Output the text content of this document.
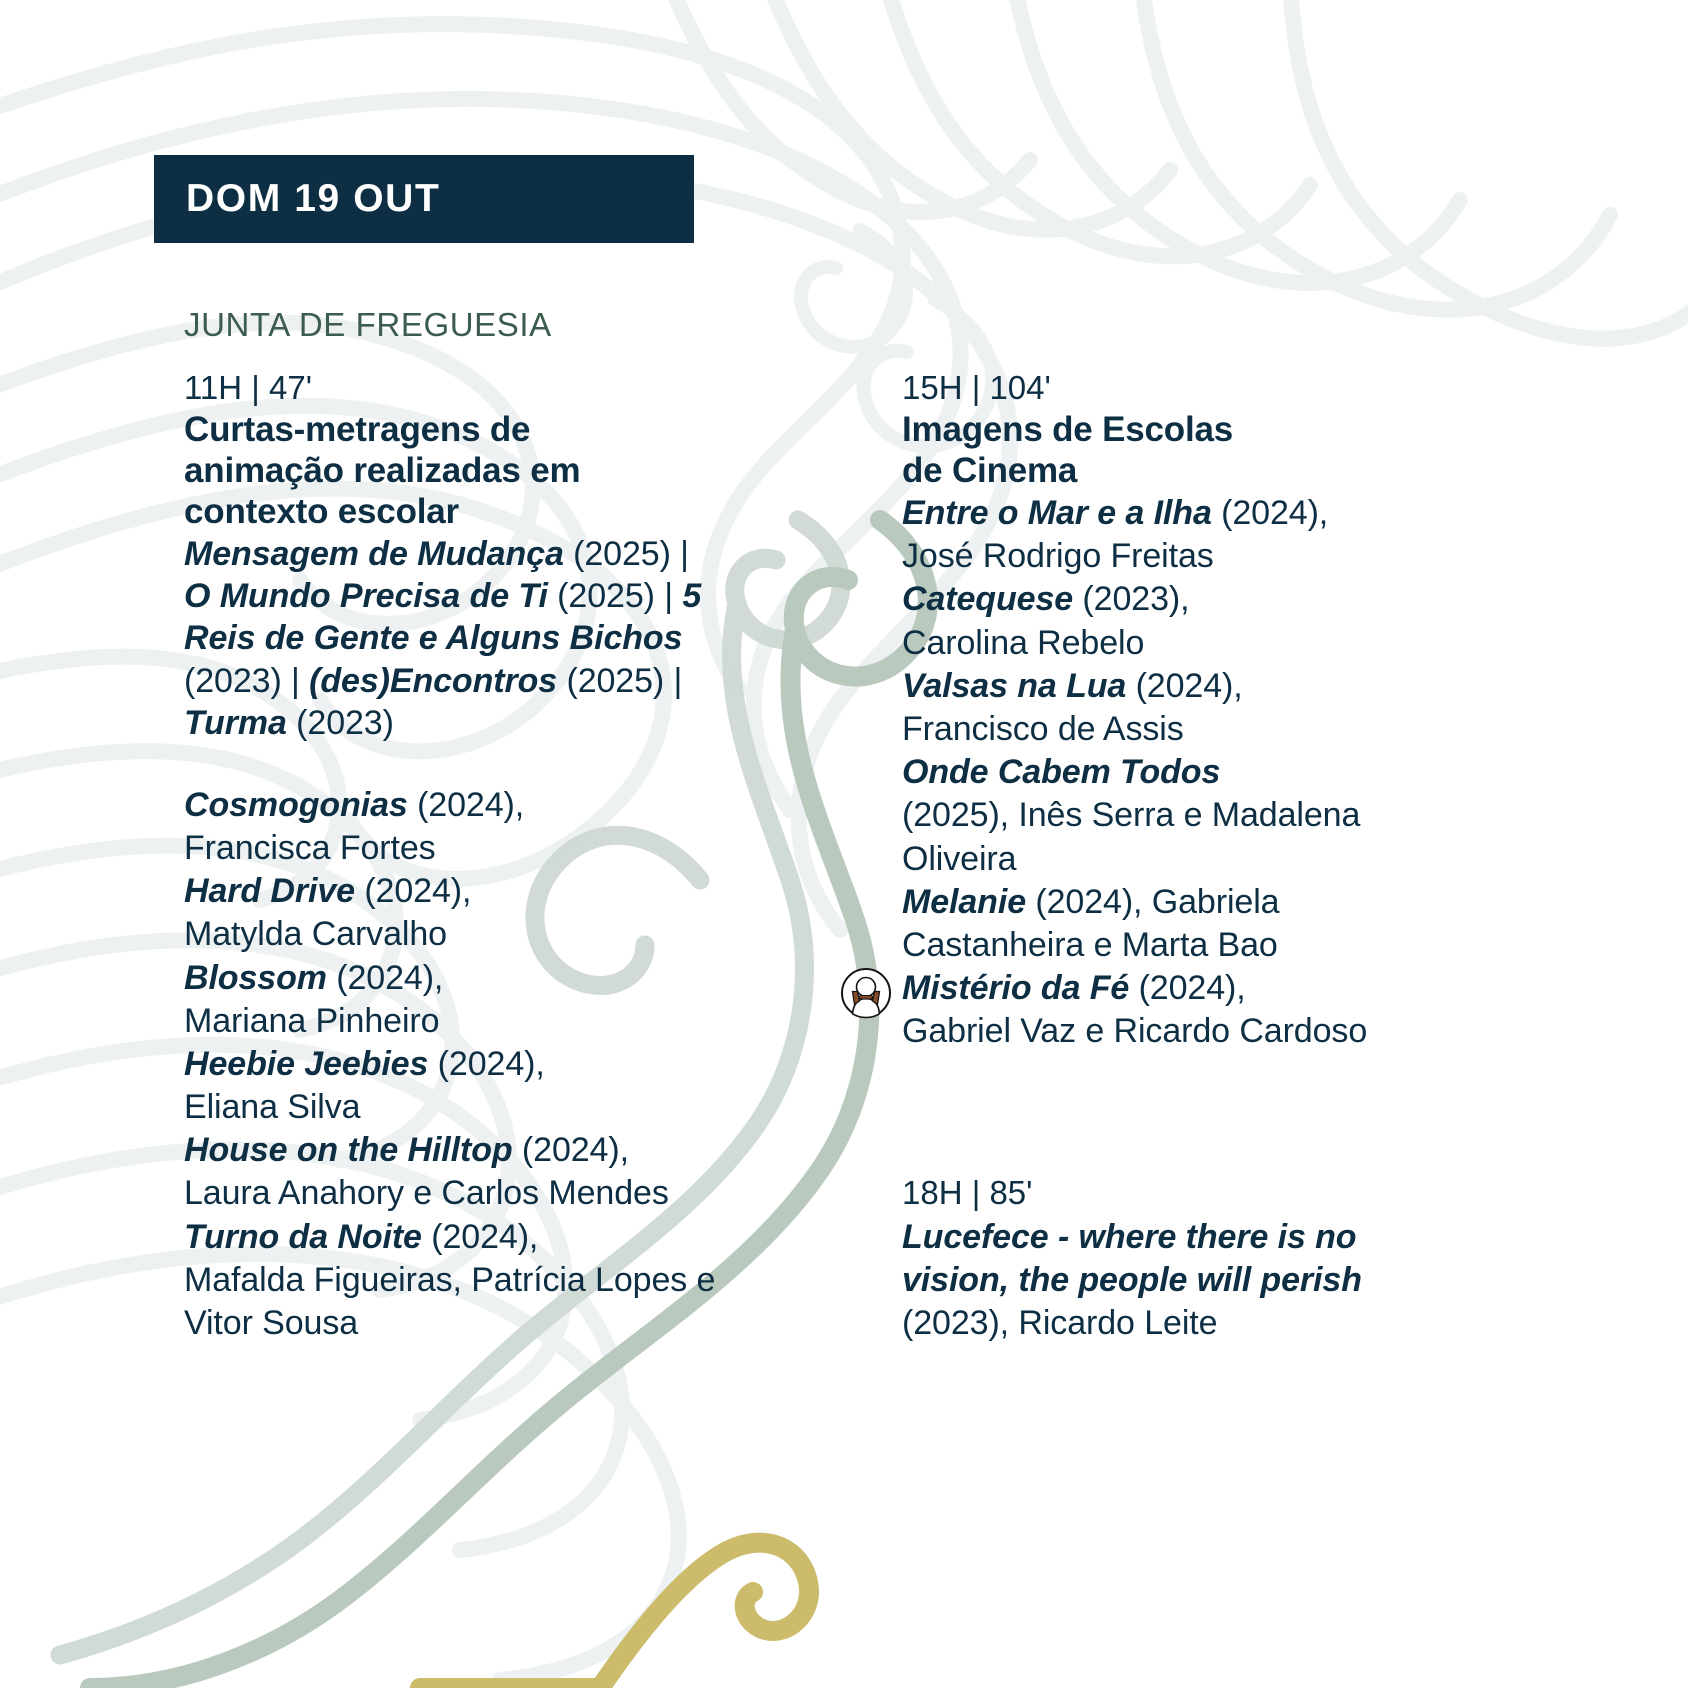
DOM 19 OUT
JUNTA DE FREGUESIA
11H | 47'
Curtas-metragens de
animação realizadas em
contexto escolar
Mensagem de Mudança (2025) | O Mundo Precisa de Ti (2025) | 5 Reis de Gente e Alguns Bichos (2023) | (des)Encontros (2025) | Turma (2023)
Cosmogonias (2024),
Francisca Fortes
Hard Drive (2024),
Matylda Carvalho
Blossom (2024),
Mariana Pinheiro
Heebie Jeebies (2024),
Eliana Silva
House on the Hilltop (2024),
Laura Anahory e Carlos Mendes
Turno da Noite (2024),
Mafalda Figueiras, Patrícia Lopes e Vitor Sousa
15H | 104'
Imagens de Escolas
de Cinema
Entre o Mar e a Ilha (2024),
José Rodrigo Freitas
Catequese (2023),
Carolina Rebelo
Valsas na Lua (2024),
Francisco de Assis
Onde Cabem Todos
(2025), Inês Serra e Madalena Oliveira
Melanie (2024), Gabriela Castanheira e Marta Bao
Mistério da Fé (2024),
Gabriel Vaz e Ricardo Cardoso
18H | 85'
Lucefece - where there is no vision, the people will perish (2023), Ricardo Leite
